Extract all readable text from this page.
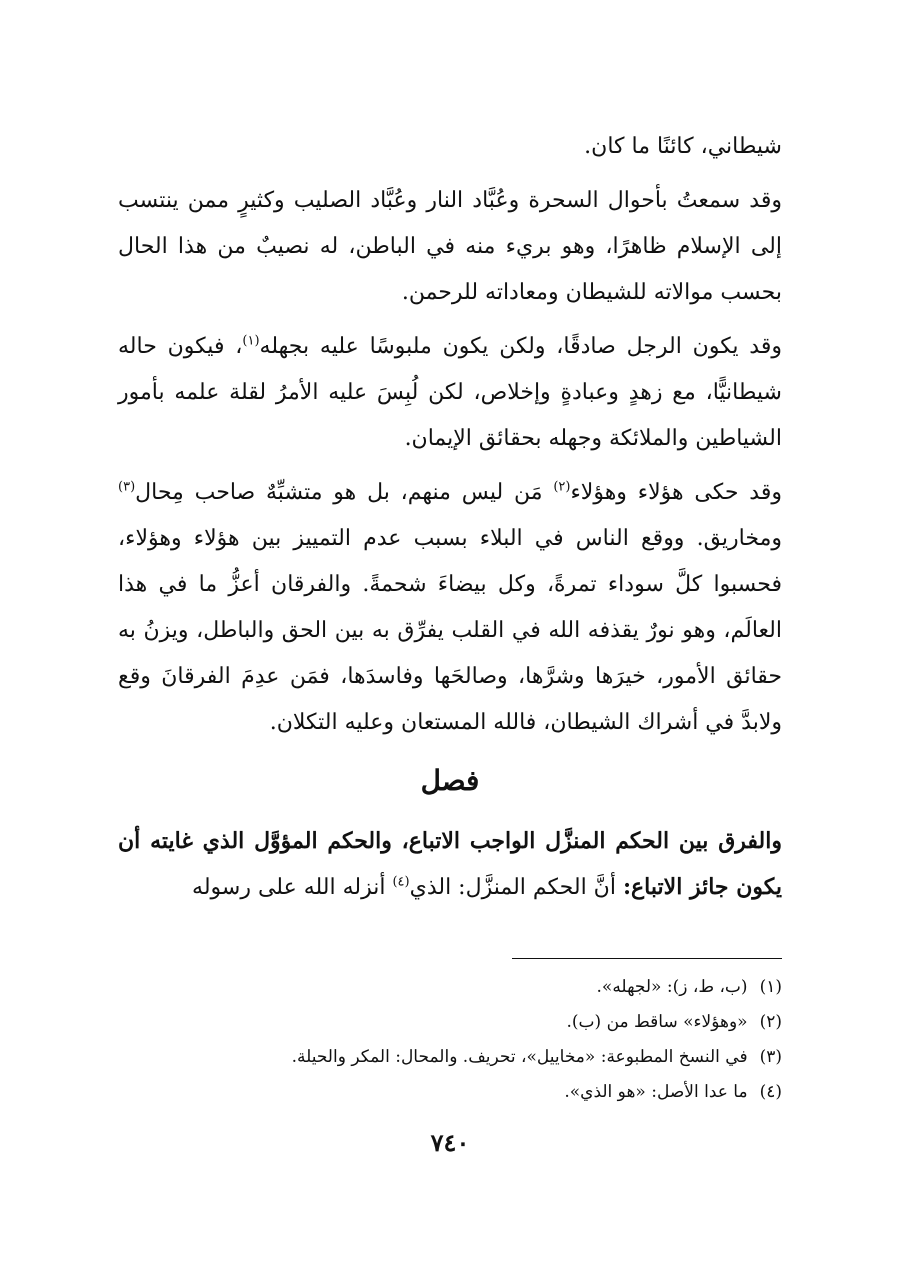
شيطاني، كائنًا ما كان.

وقد سمعتُ بأحوال السحرة وعُبَّاد النار وعُبَّاد الصليب وكثيرٍ ممن ينتسب إلى الإسلام ظاهرًا، وهو بريء منه في الباطن، له نصيبٌ من هذا الحال بحسب موالاته للشيطان ومعاداته للرحمن.

وقد يكون الرجل صادقًا، ولكن يكون ملبوسًا عليه بجهله$^{(١)}$، فيكون حاله شيطانيًّا، مع زهدٍ وعبادةٍ وإخلاص، لكن لُبِسَ عليه الأمرُ لقلة علمه بأمور الشياطين والملائكة وجهله بحقائق الإيمان.

وقد حكى هؤلاء وهؤلاء$^{(٢)}$ مَن ليس منهم، بل هو متشبِّهٌ صاحب مِحال$^{(٣)}$ ومخاريق. ووقع الناس في البلاء بسبب عدم التمييز بين هؤلاء وهؤلاء، فحسبوا كلَّ سوداء تمرةً، وكل بيضاءَ شحمةً. والفرقان أعزُّ ما في هذا العالَم، وهو نورٌ يقذفه الله في القلب يفرِّق به بين الحق والباطل، ويزنُ به حقائق الأمور، خيرَها وشرَّها، وصالحَها وفاسدَها، فمَن عدِمَ الفرقانَ وقع ولابدَّ في أشراك الشيطان، فالله المستعان وعليه التكلان.

فصل

والفرق بين الحكم المنزَّل الواجب الاتباع، والحكم المؤوَّل الذي غايته أن يكون جائز الاتباع: أنَّ الحكم المنزَّل: الذي$^{(٤)}$ أنزله الله على رسوله

(١)(ب، ط، ز): «لجهله».

(٢)«وهؤلاء» ساقط من (ب).

(٣)في النسخ المطبوعة: «مخاييل»، تحريف. والمحال: المكر والحيلة.

(٤)ما عدا الأصل: «هو الذي».

٧٤٠
